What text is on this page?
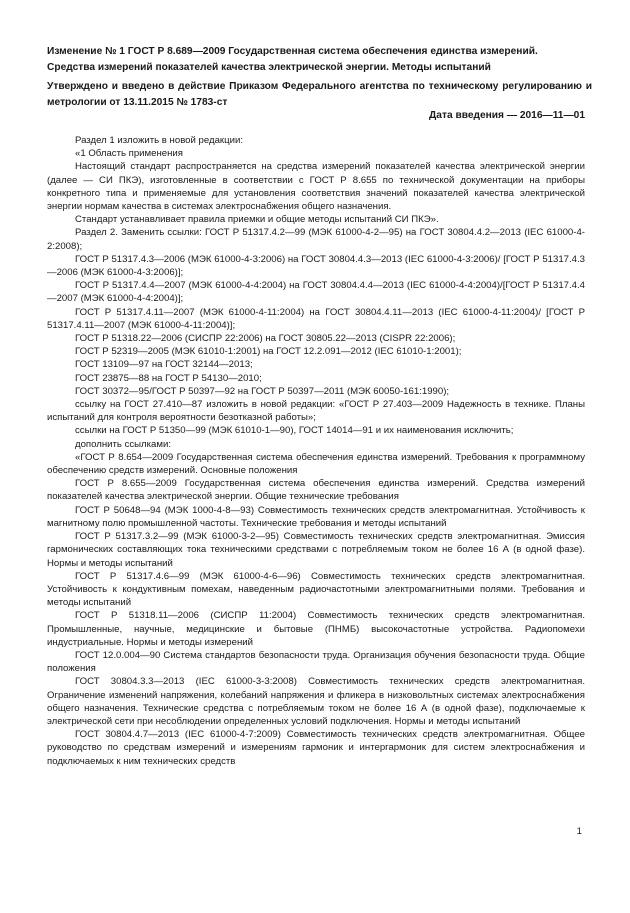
Изменение № 1 ГОСТ Р 8.689—2009 Государственная система обеспечения единства измерений.

Средства измерений показателей качества электрической энергии. Методы испытаний

Утверждено и введено в действие Приказом Федерального агентства по техническому регулированию и метрологии от 13.11.2015 № 1783-ст

Дата введения — 2016—11—01

Раздел 1 изложить в новой редакции:

«1 Область применения

Настоящий стандарт распространяется на средства измерений показателей качества электрической энергии (далее — СИ ПКЭ), изготовленные в соответствии с ГОСТ Р 8.655 по технической документации на приборы конкретного типа и применяемые для установления соответствия значений показателей качества электрической энергии нормам качества в системах электроснабжения общего назначения.

Стандарт устанавливает правила приемки и общие методы испытаний СИ ПКЭ».

Раздел 2. Заменить ссылки: ГОСТ Р 51317.4.2—99 (МЭК 61000-4-2—95) на ГОСТ 30804.4.2—2013 (IEC 61000-4-2:2008);

ГОСТ Р 51317.4.3—2006 (МЭК 61000-4-3:2006) на ГОСТ 30804.4.3—2013 (IEC 61000-4-3:2006)/ [ГОСТ Р 51317.4.3—2006 (МЭК 61000-4-3:2006)];

ГОСТ Р 51317.4.4—2007 (МЭК 61000-4-4:2004) на ГОСТ 30804.4.4—2013 (IEC 61000-4-4:2004)/[ГОСТ Р 51317.4.4—2007 (МЭК 61000-4-4:2004)];

ГОСТ Р 51317.4.11—2007 (МЭК 61000-4-11:2004) на ГОСТ 30804.4.11—2013 (IEC 61000-4-11:2004)/ [ГОСТ Р 51317.4.11—2007 (МЭК 61000-4-11:2004)];

ГОСТ Р 51318.22—2006 (СИСПР 22:2006) на ГОСТ 30805.22—2013 (CISPR 22:2006);

ГОСТ Р 52319—2005 (МЭК 61010-1:2001) на ГОСТ 12.2.091—2012 (IEC 61010-1:2001);

ГОСТ 13109—97 на ГОСТ 32144—2013;

ГОСТ 23875—88 на ГОСТ Р 54130—2010;

ГОСТ 30372—95/ГОСТ Р 50397—92 на ГОСТ Р 50397—2011 (МЭК 60050-161:1990);

ссылку на ГОСТ 27.410—87 изложить в новой редакции: «ГОСТ Р 27.403—2009 Надежность в технике. Планы испытаний для контроля вероятности безотказной работы»;

ссылки на ГОСТ Р 51350—99 (МЭК 61010-1—90), ГОСТ 14014—91 и их наименования исключить;

дополнить ссылками:

«ГОСТ Р 8.654—2009 Государственная система обеспечения единства измерений. Требования к программному обеспечению средств измерений. Основные положения

ГОСТ Р 8.655—2009 Государственная система обеспечения единства измерений. Средства измерений показателей качества электрической энергии. Общие технические требования

ГОСТ Р 50648—94 (МЭК 1000-4-8—93) Совместимость технических средств электромагнитная. Устойчивость к магнитному полю промышленной частоты. Технические требования и методы испытаний

ГОСТ Р 51317.3.2—99 (МЭК 61000-3-2—95) Совместимость технических средств электромагнитная. Эмиссия гармонических составляющих тока техническими средствами с потребляемым током не более 16 А (в одной фазе). Нормы и методы испытаний

ГОСТ Р 51317.4.6—99 (МЭК 61000-4-6—96) Совместимость технических средств электромагнитная. Устойчивость к кондуктивным помехам, наведенным радиочастотными электромагнитными полями. Требования и методы испытаний

ГОСТ Р 51318.11—2006 (СИСПР 11:2004) Совместимость технических средств электромагнитная. Промышленные, научные, медицинские и бытовые (ПНМБ) высокочастотные устройства. Радиопомехи индустриальные. Нормы и методы измерений

ГОСТ 12.0.004—90 Система стандартов безопасности труда. Организация обучения безопасности труда. Общие положения

ГОСТ 30804.3.3—2013 (IEC 61000-3-3:2008) Совместимость технических средств электромагнитная. Ограничение изменений напряжения, колебаний напряжения и фликера в низковольтных системах электроснабжения общего назначения. Технические средства с потребляемым током не более 16 А (в одной фазе), подключаемые к электрической сети при несоблюдении определенных условий подключения. Нормы и методы испытаний

ГОСТ 30804.4.7—2013 (IEC 61000-4-7:2009) Совместимость технических средств электромагнитная. Общее руководство по средствам измерений и измерениям гармоник и интергармоник для систем электроснабжения и подключаемых к ним технических средств

1
